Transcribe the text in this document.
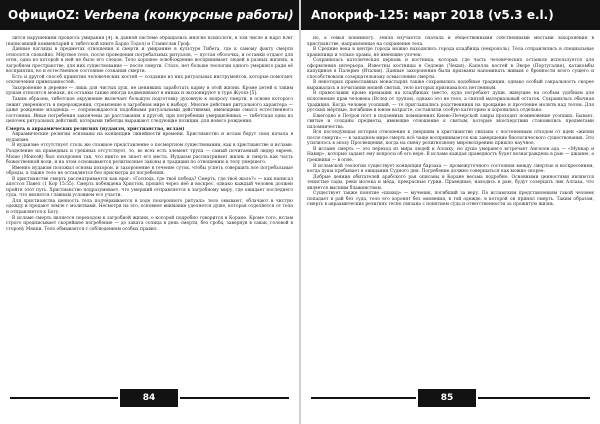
ОфициOZ: Verbena (конкурсные работы)

лится нарушением процесса умирания [4]. К данной системе обращались многие психологи, в том числе и Карл Юнг (написавший комментарий к тибетской книге Бардо Тодол) и Станислав Гроф.

Данные взгляды в предметах отношения к смерти и умиранию в культуре Тибета, где к самому факту смерти относятся спокойно. Мёртвое тело, после проведения погребальных ритуалов, — пустая оболочка, и останки отдают для огня, одна из которой в ней не было его следов. Тело хорошее освобождение воспринимает людей в разных жизнях, в загробном пространстве, для них существование — после смерти. Стало, нет больше теологии одного умершего ради её восприятия, но и естественное состояние сознания смерти.

Есть и другой способ принятия человеческих костей — создание из них ритуальных инструментов, которые помогают отключения привязанностей.

Захоронение в деревне — лишь для чистых душ, не ценивших заработать карму в этой жизни. Кроме детей к таким душам относятся монахи, их останки также иногда подвешивают в нишах и экспонируют в туре Жуохэ [5].

Таким образом, тибетское окружение включает большую подготовку духовную к вопросу смерти, в основе которого лежит уверенность в перерождении, стремление в загробном мире к выбору. Многие действия ритуального характера — даже рождение младенца — сопровождаются подобными ритуальными действиями, имеющими смысл естественного состояния. Иные погребения закончены до расставания в другой, при погребении умерщвлённых — тибетская одна из цепочек ритуальных действий, которыми тибетцы выражают следующие позиции, для нового рождения.

Смерть в авраамических религиях (иудаизм, христианство, ислам)

Авраамические религии основаны на концепции линейности времени. Христианство и ислам берут свои начала в иудаизме.

В иудаизме отсутствует столь же сложное представление о посмертном существовании, как в христианстве и исламе. Разделение на праведных и грешных отсутствует, то, во всех есть элемент трупа — самый почитаемый лидер евреев, Моше (Моисей) был похоронен так, что никто не знает его места. Иудаизм рассматривает жизнь и смерть как часть божественной воли, и на этом основываются религиозные законы и традиции по отношению к телу умершего.

Именно иудаизм положил основы похорон, и захоронение в течение суток, чтобы успеть совершить все погребальные обряды, а также тело не оставляется без присмотра до погребения.

В христианстве смерть рассматривается как враг: «Господь, где твоё победа? Смерть, где твоё жало?» — как написал апостол Павел (1 Кор 15:55). Смерть побеждена Христом, прошёл через неё и воскрес, однако каждый человек должен пройти этот путь. Христианство подразумевает, что умерший отправляется к загробному миру, где ожидает последнего суда, что является главным условием его участи.

Для христианства ценность тела подчёркивается в ходе похоронного ритуала: тело омывают, облачают в чистую одежду и предают земле с молитвами. Несмотря на это, основное внимание уделяется душе, которая отделяется от тела и отправляется к Богу.

В исламе смерть является переходом к загробной жизни, о которой подробно говорится в Коране. Кроме того, ислам строго предписывает скорейшее погребение — до заката солнца в день смерти, без гроба, завернув в саван, головой в сторону Мекки. Тело обмывается с соблюдением особых правил.

84
Апокриф-125: март 2018 (v5.3 e.l.)

но, а семья понемногу. Земля изучается сначала и общественными собственными местами захоронения в христианстве, направленные на сохранение тела.

В Средние века в центре города можно находились города кладбища (некрополь). Тела отправлялись в специальные хранилища и только храмы, не имеющие улочек.

Сохранилась католическая церковь и костница, которая, где часть человеческих останков используется для оформления интерьера. Известны костницы в Седлеце (Чехия), Капелла костей в Эворе (Португалия), катакомбы капуцинов в Палермо (Италия). Данные захоронения были призваны напоминать живым о бренности всего сущего и способствовали созерцательному осмыслению смерти.

В некоторых православных монастырях также сохранились подобные традиции, однако особый сакральность скорее выражалась в почитании мощей святых, тело которых признавалось нетленным.

В православии кроме кремации на кладбищах (место, куда погребают души, живущие на особым удобным для исполнения прав человека (Вслед от трупов), однако это не тело, а святой материальный остаток. Сохранилась обычная традиция. Когда человек усопший, — то приглашались родственники на прощание и прочтение молитв над телом. Для русских мёртвые, погибшие в юном возрасте, составляли особую категорию и хоронились отдельно.

Ежегодно в Петров пост в подземных помещениях Киево-Печерской лавры проходит поминовение усопших. Бывает, святые и созданы предметы, имеющие отношение к святым, которые впоследствии становились предметами паломничества.

Вся последующая история отношения к умершим в христианстве связана с постепенным отходом от идеи «жизни после смерти» — в западном мире смерть всё чаще воспринимается как завершение биологического существования. Это усилилось в эпоху Просвещения, когда на смену религиозному мировоззрению пришло научное.

В исламе смерть — это переход из мира людей к Аллаху, но душа умершего встречает Ангелов ада — «Мункар и Накир», которые задают ему вопросы об его вере. В исламе каждая праведность будет вознаграждена в раю — джанне, а грешники — в огне.

В исламской теологии существует концепция барзаха — промежуточного состояния между смертью и воскресением, когда душа пребывает в ожидании Судного дня. Погребение должно совершаться как можно скорее.

Добрые деяния обитателей арабского рая описаны в Коране весьма подробно. Основными ценностями являются тенистые сады, реки молока и мёда, прекрасные гурии. Праведные, находясь в раю, будут созерцать лик Аллаха, что является высшим блаженством.

Существует также понятие «шахид» — мученик, погибший за веру. По исламским представлениям такой человек попадает в рай без суда, тело его хоронят без омовения, в той одежде, в которой он принял смерть. Таким образом, смерть в авраамических религиях тесно связана с понятием суда и ответственности за прожитую жизнь.

85
